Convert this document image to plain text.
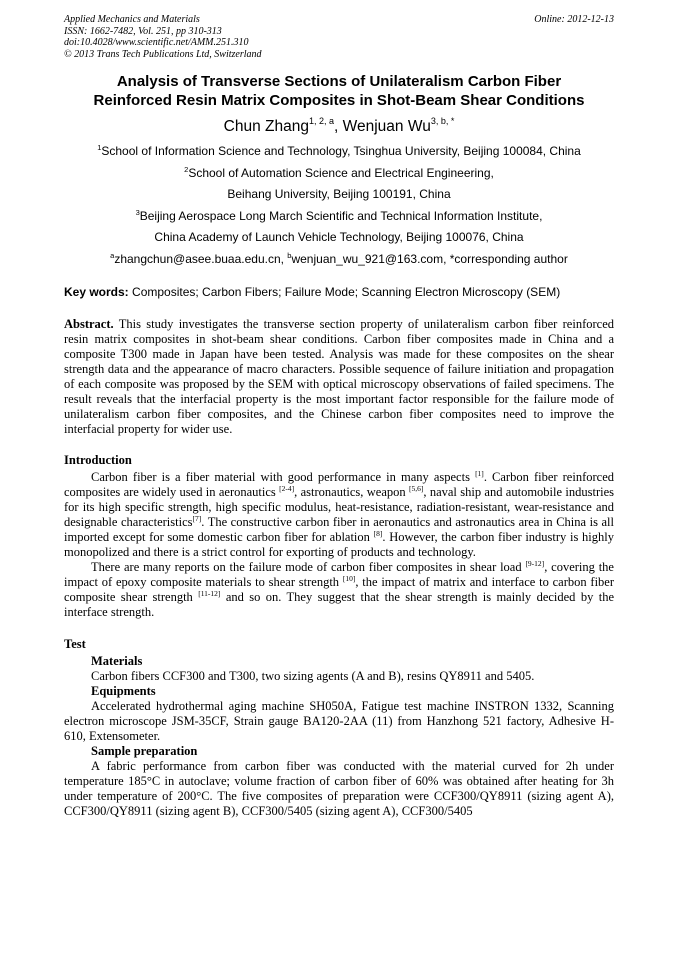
Applied Mechanics and Materials
ISSN: 1662-7482, Vol. 251, pp 310-313
doi:10.4028/www.scientific.net/AMM.251.310
© 2013 Trans Tech Publications Ltd, Switzerland
Online: 2012-12-13
Analysis of Transverse Sections of Unilateralism Carbon Fiber
Reinforced Resin Matrix Composites in Shot-Beam Shear Conditions
Chun Zhang$^{1, 2, a}$, Wenjuan $Wu^{3, b, *}$
$^1$School of Information Science and Technology, Tsinghua University, Beijing 100084, China
$^2$School of Automation Science and Electrical Engineering,
Beihang University, Beijing 100191, China
$^3$Beijing Aerospace Long March Scientific and Technical Information Institute,
China Academy of Launch Vehicle Technology, Beijing 100076, China
$^a$zhangchun@asee.buaa.edu.cn, $^b$wenjuan_wu_921@163.com, *corresponding author
Key words: Composites; Carbon Fibers; Failure Mode; Scanning Electron Microscopy (SEM)
Abstract. This study investigates the transverse section property of unilateralism carbon fiber reinforced resin matrix composites in shot-beam shear conditions. Carbon fiber composites made in China and a composite T300 made in Japan have been tested. Analysis was made for these composites on the shear strength data and the appearance of macro characters. Possible sequence of failure initiation and propagation of each composite was proposed by the SEM with optical microscopy observations of failed specimens. The result reveals that the interfacial property is the most important factor responsible for the failure mode of unilateralism carbon fiber composites, and the Chinese carbon fiber composites need to improve the interfacial property for wider use.
Introduction
Carbon fiber is a fiber material with good performance in many aspects [1]. Carbon fiber reinforced composites are widely used in aeronautics [2-4], astronautics, weapon [5,6], naval ship and automobile industries for its high specific strength, high specific modulus, heat-resistance, radiation-resistant, wear-resistance and designable characteristics[7]. The constructive carbon fiber in aeronautics and astronautics area in China is all imported except for some domestic carbon fiber for ablation [8]. However, the carbon fiber industry is highly monopolized and there is a strict control for exporting of products and technology.
There are many reports on the failure mode of carbon fiber composites in shear load [9-12], covering the impact of epoxy composite materials to shear strength [10], the impact of matrix and interface to carbon fiber composite shear strength [11-12] and so on. They suggest that the shear strength is mainly decided by the interface strength.
Test
Materials
Carbon fibers CCF300 and T300, two sizing agents (A and B), resins QY8911 and 5405.
Equipments
Accelerated hydrothermal aging machine SH050A, Fatigue test machine INSTRON 1332, Scanning electron microscope JSM-35CF, Strain gauge BA120-2AA (11) from Hanzhong 521 factory, Adhesive H-610, Extensometer.
Sample preparation
A fabric performance from carbon fiber was conducted with the material curved for 2h under temperature 185°C in autoclave; volume fraction of carbon fiber of 60% was obtained after heating for 3h under temperature of 200°C. The five composites of preparation were CCF300/QY8911 (sizing agent A), CCF300/QY8911 (sizing agent B), CCF300/5405 (sizing agent A), CCF300/5405
